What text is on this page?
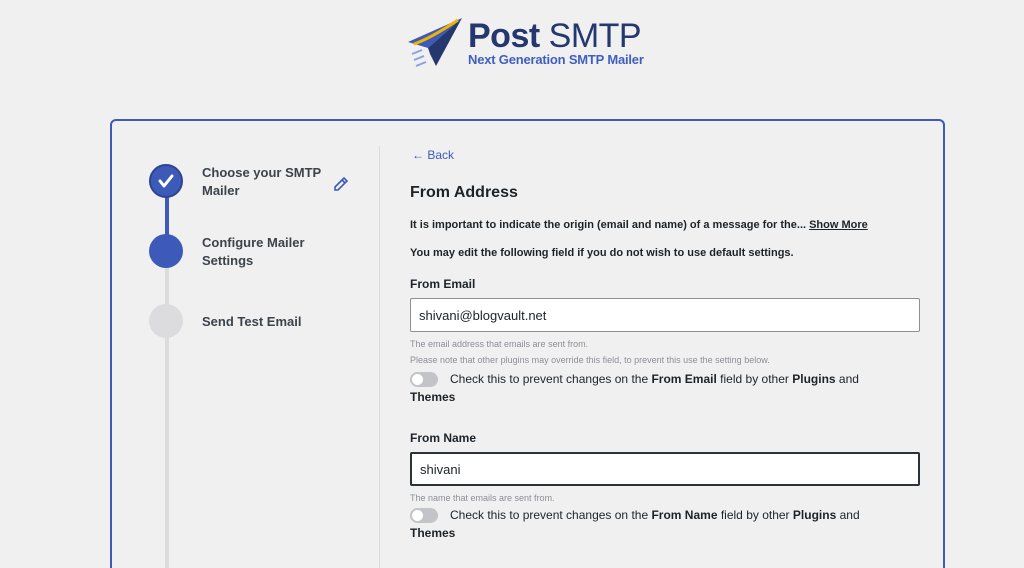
Post SMTP
Next Generation SMTP Mailer
Choose your SMTP Mailer
Configure Mailer Settings
Send Test Email
← Back
From Address
It is important to indicate the origin (email and name) of a message for the... Show More
You may edit the following field if you do not wish to use default settings.
From Email
shivani@blogvault.net
The email address that emails are sent from.
Please note that other plugins may override this field, to prevent this use the setting below.
Check this to prevent changes on the From Email field by other Plugins and
Themes
From Name
shivani
The name that emails are sent from.
Check this to prevent changes on the From Name field by other Plugins and
Themes
